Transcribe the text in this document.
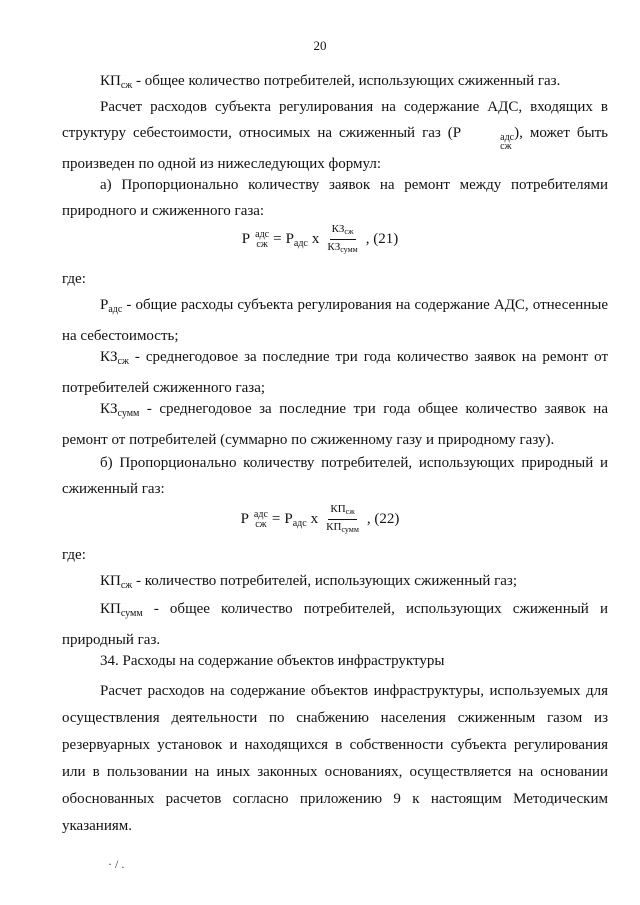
20
$КП_{сж}$ - общее количество потребителей, использующих сжиженный газ.
Расчет расходов субъекта регулирования на содержание АДС, входящих в структуру себестоимости, относимых на сжиженный газ (Р	адс
сж
), может быть произведен по одной из нижеследующих формул:
а) Пропорционально количеству заявок на ремонт между потребителями природного и сжиженного газа:
Р адс
сж = $Р_{адс}$ х $\frac{КЗ_{сж}}{КЗ_{сумм}}$ , (21)
где:
$Р_{адс}$ - общие расходы субъекта регулирования на содержание АДС, отнесенные на себестоимость;
$КЗ_{сж}$ - среднегодовое за последние три года количество заявок на ремонт от потребителей сжиженного газа;
$КЗ_{сумм}$ - среднегодовое за последние три года общее количество заявок на ремонт от потребителей (суммарно по сжиженному газу и природному газу).
б) Пропорционально количеству потребителей, использующих природный и сжиженный газ:
Р адс
сж = $Р_{адс}$ х $\frac{КП_{сж}}{КП_{сумм}}$ , (22)
где:
$КП_{сж}$ - количество потребителей, использующих сжиженный газ;
$КП_{сумм}$ - общее количество потребителей, использующих сжиженный и природный газ.
34. Расходы на содержание объектов инфраструктуры
Расчет расходов на содержание объектов инфраструктуры, используемых для осуществления деятельности по снабжению населения сжиженным газом из резервуарных установок и находящихся в собственности субъекта регулирования или в пользовании на иных законных основаниях, осуществляется на основании обоснованных расчетов согласно приложению 9 к настоящим Методическим указаниям.
· / .
